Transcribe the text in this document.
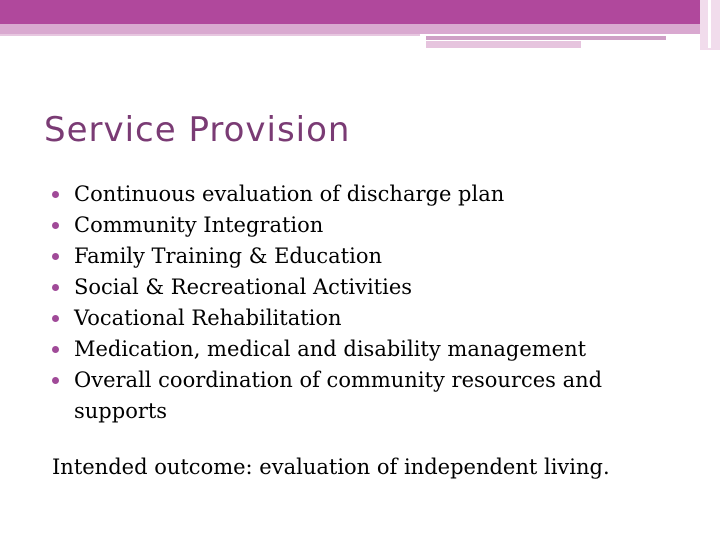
Service Provision
Continuous evaluation of discharge plan
Community Integration
Family Training & Education
Social & Recreational Activities
Vocational Rehabilitation
Medication, medical and disability management
Overall coordination of community resources and supports

Intended outcome: evaluation of independent living.
